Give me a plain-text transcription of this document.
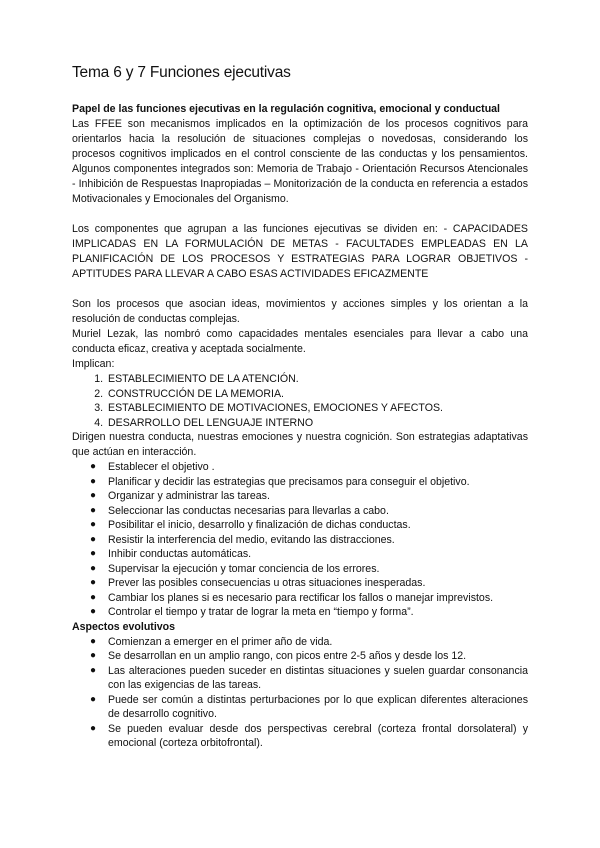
Tema 6 y 7 Funciones ejecutivas
Papel de las funciones ejecutivas en la regulación cognitiva, emocional y conductual

Las FFEE son mecanismos implicados en la optimización de los procesos cognitivos para orientarlos hacia la resolución de situaciones complejas o novedosas, considerando los procesos cognitivos implicados en el control consciente de las conductas y los pensamientos. Algunos componentes integrados son: Memoria de Trabajo - Orientación Recursos Atencionales - Inhibición de Respuestas Inapropiadas – Monitorización de la conducta en referencia a estados Motivacionales y Emocionales del Organismo.

Los componentes que agrupan a las funciones ejecutivas se dividen en: - CAPACIDADES IMPLICADAS EN LA FORMULACIÓN DE METAS - FACULTADES EMPLEADAS EN LA PLANIFICACIÓN DE LOS PROCESOS Y ESTRATEGIAS PARA LOGRAR OBJETIVOS - APTITUDES PARA LLEVAR A CABO ESAS ACTIVIDADES EFICAZMENTE

Son los procesos que asocian ideas, movimientos y acciones simples y los orientan a la resolución de conductas complejas.

Muriel Lezak, las nombró como capacidades mentales esenciales para llevar a cabo una conducta eficaz, creativa y aceptada socialmente.

Implican:

1. ESTABLECIMIENTO DE LA ATENCIÓN.
2. CONSTRUCCIÓN DE LA MEMORIA.
3. ESTABLECIMIENTO DE MOTIVACIONES, EMOCIONES Y AFECTOS.
4. DESARROLLO DEL LENGUAJE INTERNO

Dirigen nuestra conducta, nuestras emociones y nuestra cognición. Son estrategias adaptativas que actúan en interacción.

● Establecer el objetivo .
● Planificar y decidir las estrategias que precisamos para conseguir el objetivo.
● Organizar y administrar las tareas.
● Seleccionar las conductas necesarias para llevarlas a cabo.
● Posibilitar el inicio, desarrollo y finalización de dichas conductas.
● Resistir la interferencia del medio, evitando las distracciones.
● Inhibir conductas automáticas.
● Supervisar la ejecución y tomar conciencia de los errores.
● Prever las posibles consecuencias u otras situaciones inesperadas.
● Cambiar los planes si es necesario para rectificar los fallos o manejar imprevistos.
● Controlar el tiempo y tratar de lograr la meta en “tiempo y forma”.
Aspectos evolutivos
● Comienzan a emerger en el primer año de vida.
● Se desarrollan en un amplio rango, con picos entre 2-5 años y desde los 12.
● Las alteraciones pueden suceder en distintas situaciones y suelen guardar consonancia con las exigencias de las tareas.
● Puede ser común a distintas perturbaciones por lo que explican diferentes alteraciones de desarrollo cognitivo.
● Se pueden evaluar desde dos perspectivas cerebral (corteza frontal dorsolateral) y emocional (corteza orbitofrontal).
